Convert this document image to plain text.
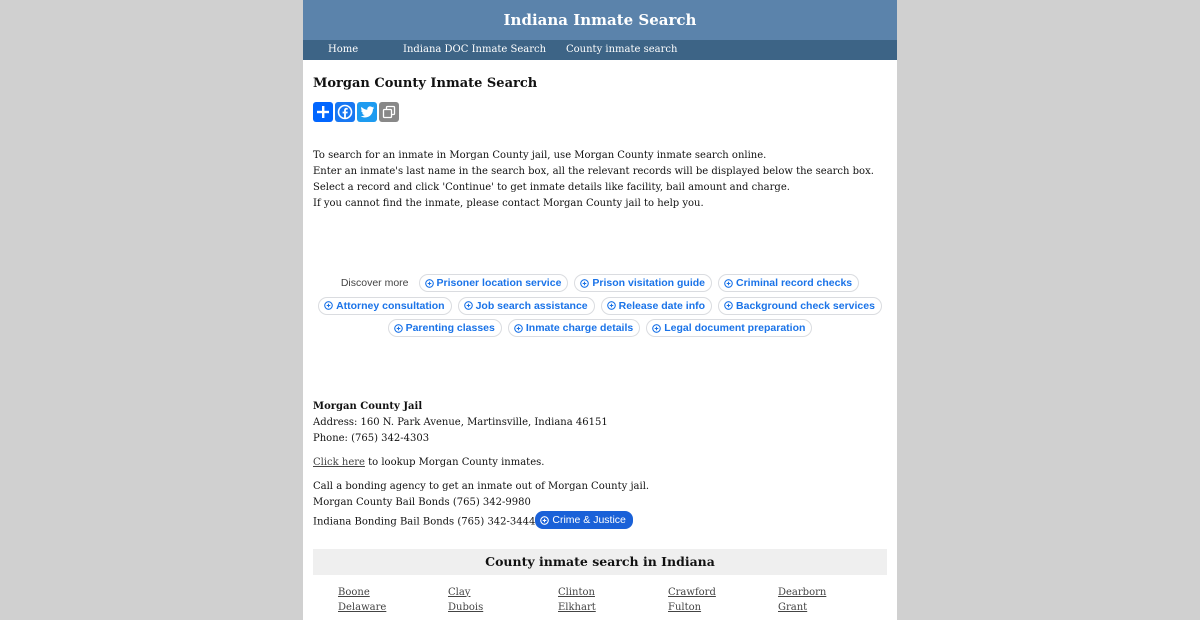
Indiana Inmate Search
Home	Indiana DOC Inmate Search County inmate search
Morgan County Inmate Search
To search for an inmate in Morgan County jail, use Morgan County inmate search online.
Enter an inmate's last name in the search box, all the relevant records will be displayed below the search box.
Select a record and click 'Continue' to get inmate details like facility, bail amount and charge.
If you cannot find the inmate, please contact Morgan County jail to help you.
Discover more	Prisoner location service	Prison visitation guide	Criminal record checks
Attorney consultation	Job search assistance	Release date info	Background check services
Parenting classes	Inmate charge details	Legal document preparation
Morgan County Jail
Address: 160 N. Park Avenue, Martinsville, Indiana 46151
Phone: (765) 342-4303
Click here to lookup Morgan County inmates.
Call a bonding agency to get an inmate out of Morgan County jail.
Morgan County Bail Bonds (765) 342-9980
Indiana Bonding Bail Bonds (765) 342-3444 Crime & Justice
County inmate search in Indiana
Boone	Clay	Clinton	Crawford	Dearborn
Delaware	Dubois	Elkhart	Fulton	Grant
